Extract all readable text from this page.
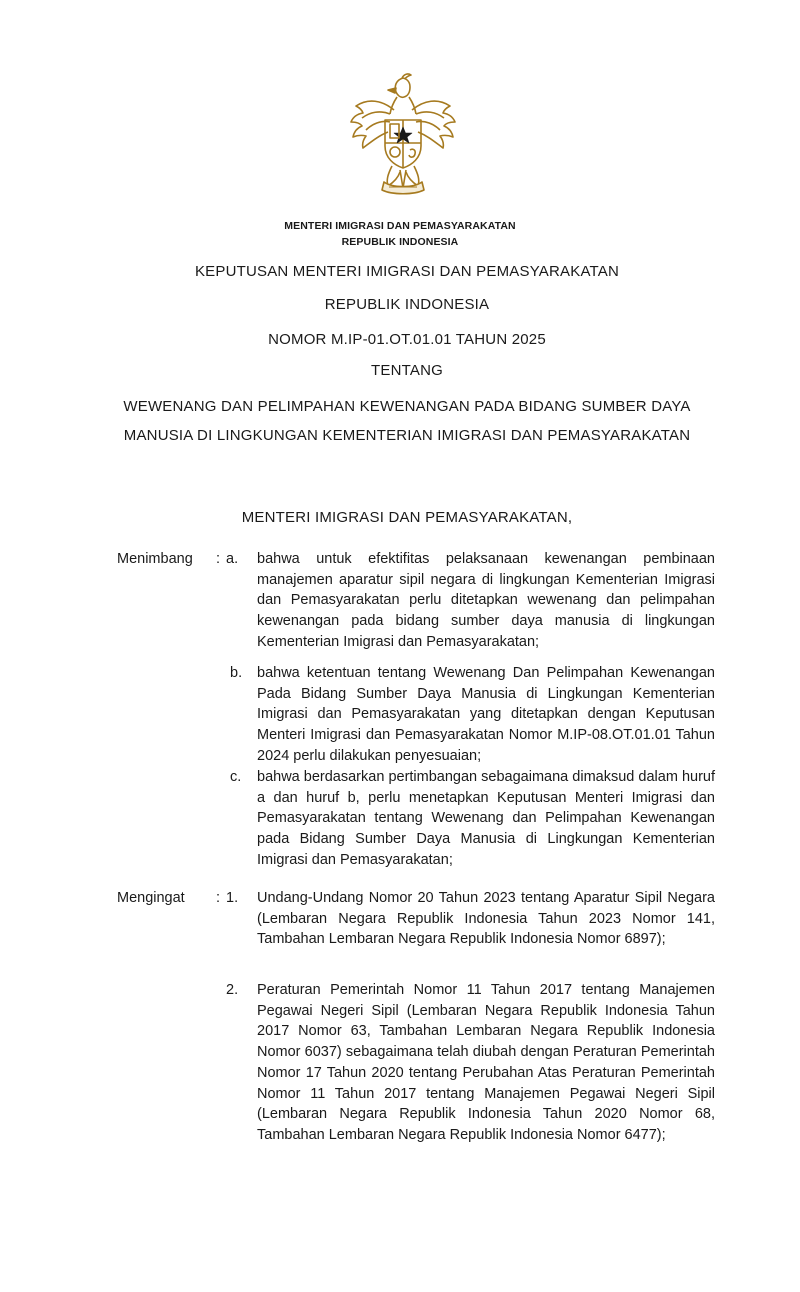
MENTERI IMIGRASI DAN PEMASYARAKATAN
REPUBLIK INDONESIA
KEPUTUSAN MENTERI IMIGRASI DAN PEMASYARAKATAN
REPUBLIK INDONESIA
NOMOR M.IP-01.OT.01.01 TAHUN 2025
TENTANG
WEWENANG DAN PELIMPAHAN KEWENANGAN PADA BIDANG SUMBER DAYA
MANUSIA DI LINGKUNGAN KEMENTERIAN IMIGRASI DAN PEMASYARAKATAN
MENTERI IMIGRASI DAN PEMASYARAKATAN,
Menimbang : a. bahwa untuk efektifitas pelaksanaan kewenangan pembinaan manajemen aparatur sipil negara di lingkungan Kementerian Imigrasi dan Pemasyarakatan perlu ditetapkan wewenang dan pelimpahan kewenangan pada bidang sumber daya manusia di lingkungan Kementerian Imigrasi dan Pemasyarakatan;
b. bahwa ketentuan tentang Wewenang Dan Pelimpahan Kewenangan Pada Bidang Sumber Daya Manusia di Lingkungan Kementerian Imigrasi dan Pemasyarakatan yang ditetapkan dengan Keputusan Menteri Imigrasi dan Pemasyarakatan Nomor M.IP-08.OT.01.01 Tahun 2024 perlu dilakukan penyesuaian;
c. bahwa berdasarkan pertimbangan sebagaimana dimaksud dalam huruf a dan huruf b, perlu menetapkan Keputusan Menteri Imigrasi dan Pemasyarakatan tentang Wewenang dan Pelimpahan Kewenangan pada Bidang Sumber Daya Manusia di Lingkungan Kementerian Imigrasi dan Pemasyarakatan;
Mengingat : 1. Undang-Undang Nomor 20 Tahun 2023 tentang Aparatur Sipil Negara (Lembaran Negara Republik Indonesia Tahun 2023 Nomor 141, Tambahan Lembaran Negara Republik Indonesia Nomor 6897);
2. Peraturan Pemerintah Nomor 11 Tahun 2017 tentang Manajemen Pegawai Negeri Sipil (Lembaran Negara Republik Indonesia Tahun 2017 Nomor 63, Tambahan Lembaran Negara Republik Indonesia Nomor 6037) sebagaimana telah diubah dengan Peraturan Pemerintah Nomor 17 Tahun 2020 tentang Perubahan Atas Peraturan Pemerintah Nomor 11 Tahun 2017 tentang Manajemen Pegawai Negeri Sipil (Lembaran Negara Republik Indonesia Tahun 2020 Nomor 68, Tambahan Lembaran Negara Republik Indonesia Nomor 6477);
